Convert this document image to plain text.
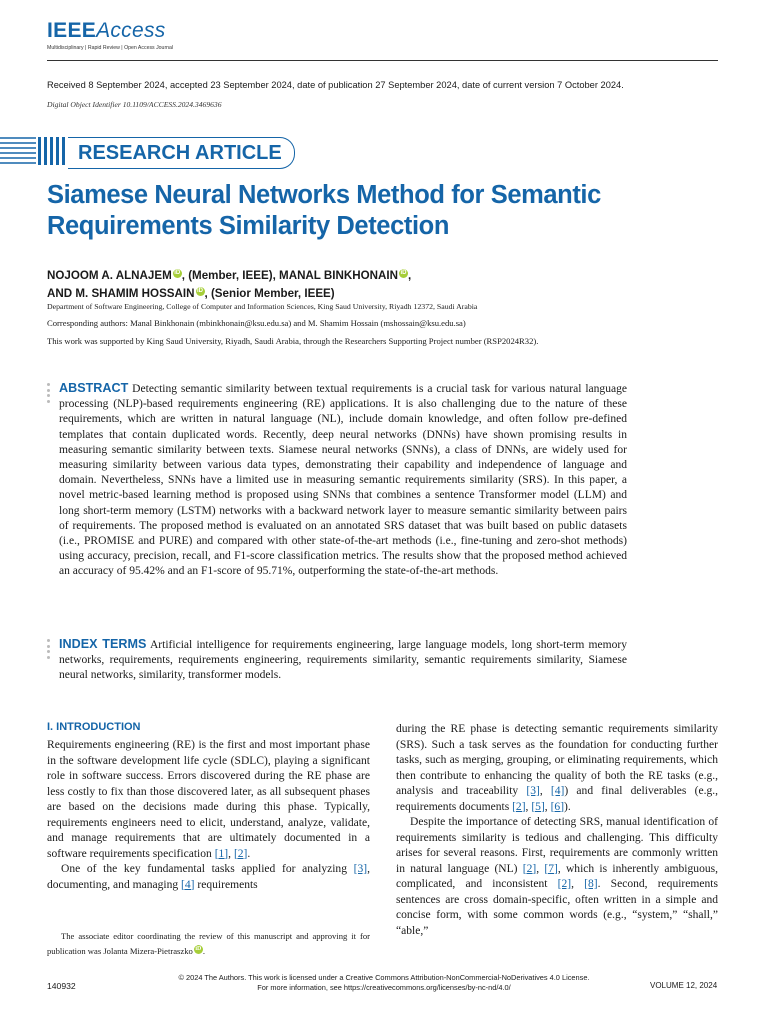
IEEEAccess
Multidisciplinary | Rapid Review | Open Access Journal
Received 8 September 2024, accepted 23 September 2024, date of publication 27 September 2024, date of current version 7 October 2024.
Digital Object Identifier 10.1109/ACCESS.2024.3469636
RESEARCH ARTICLE
Siamese Neural Networks Method for Semantic Requirements Similarity Detection
NOJOOM A. ALNAJEM iD , (Member, IEEE), MANAL BINKHONAIN iD ,
AND M. SHAMIM HOSSAIN iD , (Senior Member, IEEE)
Department of Software Engineering, College of Computer and Information Sciences, King Saud University, Riyadh 12372, Saudi Arabia
Corresponding authors: Manal Binkhonain (mbinkhonain@ksu.edu.sa) and M. Shamim Hossain (mshossain@ksu.edu.sa)
This work was supported by King Saud University, Riyadh, Saudi Arabia, through the Researchers Supporting Project number (RSP2024R32).
ABSTRACT Detecting semantic similarity between textual requirements is a crucial task for various natural language processing (NLP)-based requirements engineering (RE) applications. It is also challenging due to the nature of these requirements, which are written in natural language (NL), include domain knowledge, and often follow pre-defined templates that contain duplicated words. Recently, deep neural networks (DNNs) have shown promising results in measuring semantic similarity between texts. Siamese neural networks (SNNs), a class of DNNs, are widely used for measuring similarity between various data types, demonstrating their capability and independence of language and domain. Nevertheless, SNNs have a limited use in measuring semantic requirements similarity (SRS). In this paper, a novel metric-based learning method is proposed using SNNs that combines a sentence Transformer model (LLM) and long short-term memory (LSTM) networks with a backward network layer to measure semantic similarity between pairs of requirements. The proposed method is evaluated on an annotated SRS dataset that was built based on public datasets (i.e., PROMISE and PURE) and compared with other state-of-the-art methods (i.e., fine-tuning and zero-shot methods) using accuracy, precision, recall, and F1-score classification metrics. The results show that the proposed method achieved an accuracy of 95.42% and an F1-score of 95.71%, outperforming the state-of-the-art methods.
INDEX TERMS Artificial intelligence for requirements engineering, large language models, long short-term memory networks, requirements, requirements engineering, requirements similarity, semantic requirements similarity, Siamese neural networks, similarity, transformer models.
I. INTRODUCTION
Requirements engineering (RE) is the first and most important phase in the software development life cycle (SDLC), playing a significant role in software success. Errors discovered during the RE phase are less costly to fix than those discovered later, as all subsequent phases are based on the decisions made during this phase. Typically, requirements engineers need to elicit, understand, analyze, validate, and manage requirements that are ultimately documented in a software requirements specification [1], [2].
One of the key fundamental tasks applied for analyzing [3], documenting, and managing [4] requirements
during the RE phase is detecting semantic requirements similarity (SRS). Such a task serves as the foundation for conducting further tasks, such as merging, grouping, or eliminating requirements, which then contribute to enhancing the quality of both the RE tasks (e.g., analysis and traceability [3], [4]) and final deliverables (e.g., requirements documents [2], [5], [6]).
Despite the importance of detecting SRS, manual identification of requirements similarity is tedious and challenging. This difficulty arises for several reasons. First, requirements are commonly written in natural language (NL) [2], [7], which is inherently ambiguous, complicated, and inconsistent [2], [8]. Second, requirements sentences are cross domain-specific, often written in a simple and concise form, with some common words (e.g., “system,” “shall,” “able,”
The associate editor coordinating the review of this manuscript and approving it for publication was Jolanta Mizera-Pietraszko iD .
© 2024 The Authors. This work is licensed under a Creative Commons Attribution-NonCommercial-NoDerivatives 4.0 License.
For more information, see https://creativecommons.org/licenses/by-nc-nd/4.0/
140932	VOLUME 12, 2024
